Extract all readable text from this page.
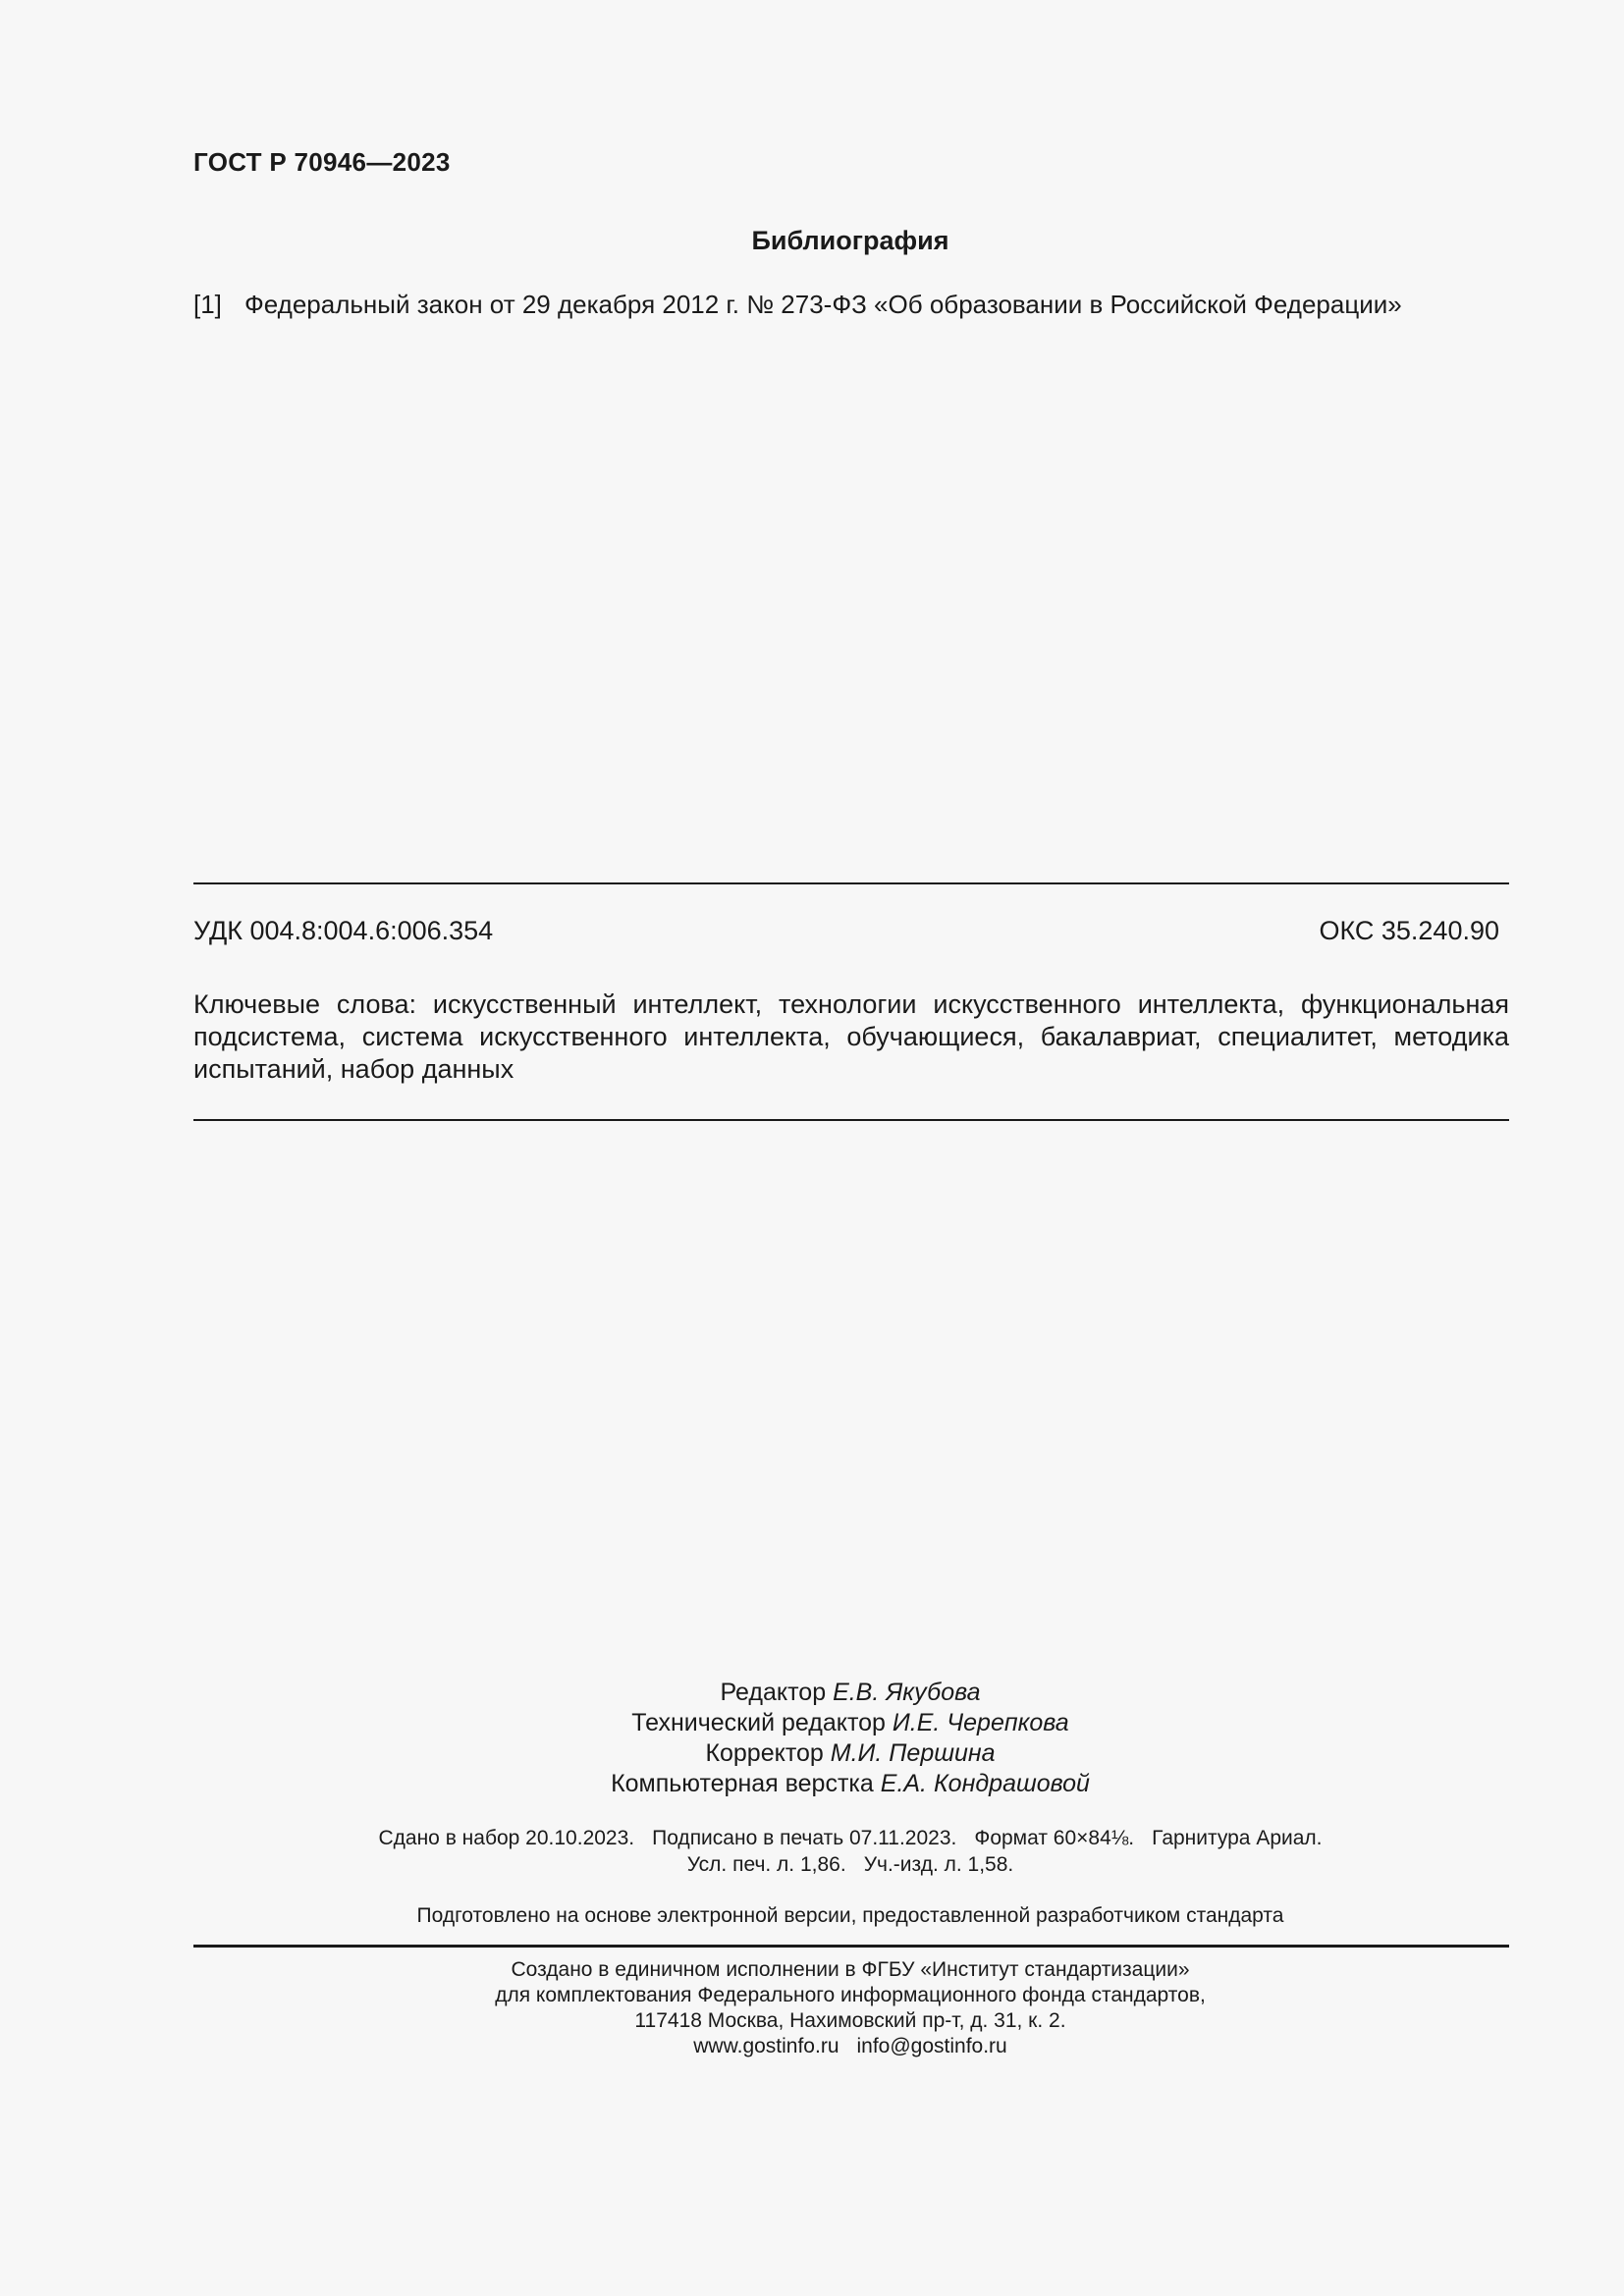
ГОСТ Р 70946—2023
Библиография
[1] Федеральный закон от 29 декабря 2012 г. № 273-ФЗ «Об образовании в Российской Федерации»
УДК 004.8:004.6:006.354	ОКС 35.240.90
Ключевые слова: искусственный интеллект, технологии искусственного интеллекта, функциональная подсистема, система искусственного интеллекта, обучающиеся, бакалавриат, специалитет, методика испытаний, набор данных
Редактор Е.В. Якубова
Технический редактор И.Е. Черепкова
Корректор М.И. Першина
Компьютерная верстка Е.А. Кондрашовой
Сдано в набор 20.10.2023. Подписано в печать 07.11.2023. Формат 60×84⅛. Гарнитура Ариал.
Усл. печ. л. 1,86. Уч.-изд. л. 1,58.
Подготовлено на основе электронной версии, предоставленной разработчиком стандарта
Создано в единичном исполнении в ФГБУ «Институт стандартизации»
для комплектования Федерального информационного фонда стандартов,
117418 Москва, Нахимовский пр-т, д. 31, к. 2.
www.gostinfo.ru info@gostinfo.ru
